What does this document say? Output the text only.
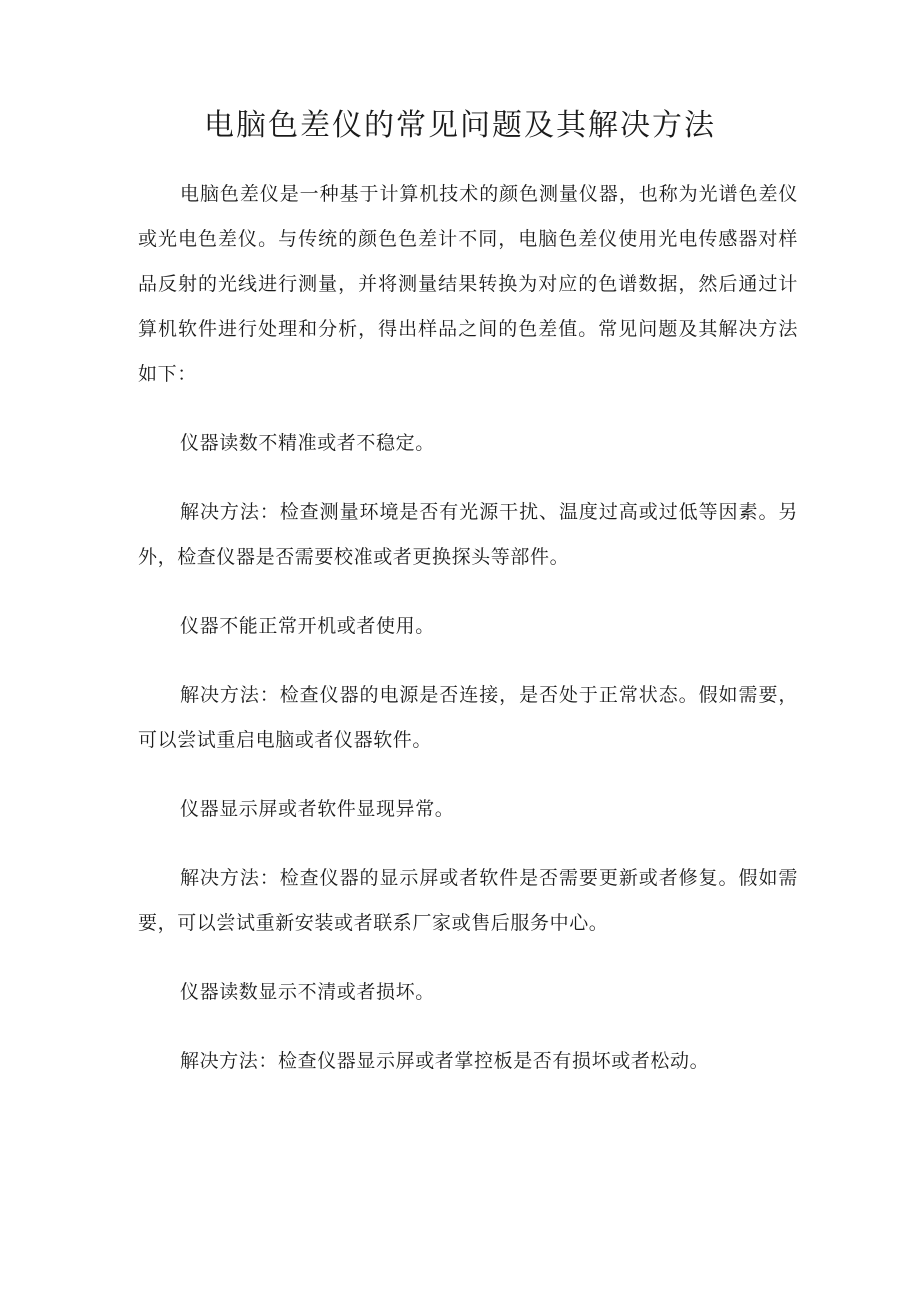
电脑色差仪的常见问题及其解决方法

电脑色差仪是一种基于计算机技术的颜色测量仪器，也称为光谱色差仪或光电色差仪。与传统的颜色色差计不同，电脑色差仪使用光电传感器对样品反射的光线进行测量，并将测量结果转换为对应的色谱数据，然后通过计算机软件进行处理和分析，得出样品之间的色差值。常见问题及其解决方法如下：

仪器读数不精准或者不稳定。

解决方法：检查测量环境是否有光源干扰、温度过高或过低等因素。另外，检查仪器是否需要校准或者更换探头等部件。

仪器不能正常开机或者使用。

解决方法：检查仪器的电源是否连接，是否处于正常状态。假如需要，可以尝试重启电脑或者仪器软件。

仪器显示屏或者软件显现异常。

解决方法：检查仪器的显示屏或者软件是否需要更新或者修复。假如需要，可以尝试重新安装或者联系厂家或售后服务中心。

仪器读数显示不清或者损坏。

解决方法：检查仪器显示屏或者掌控板是否有损坏或者松动。
